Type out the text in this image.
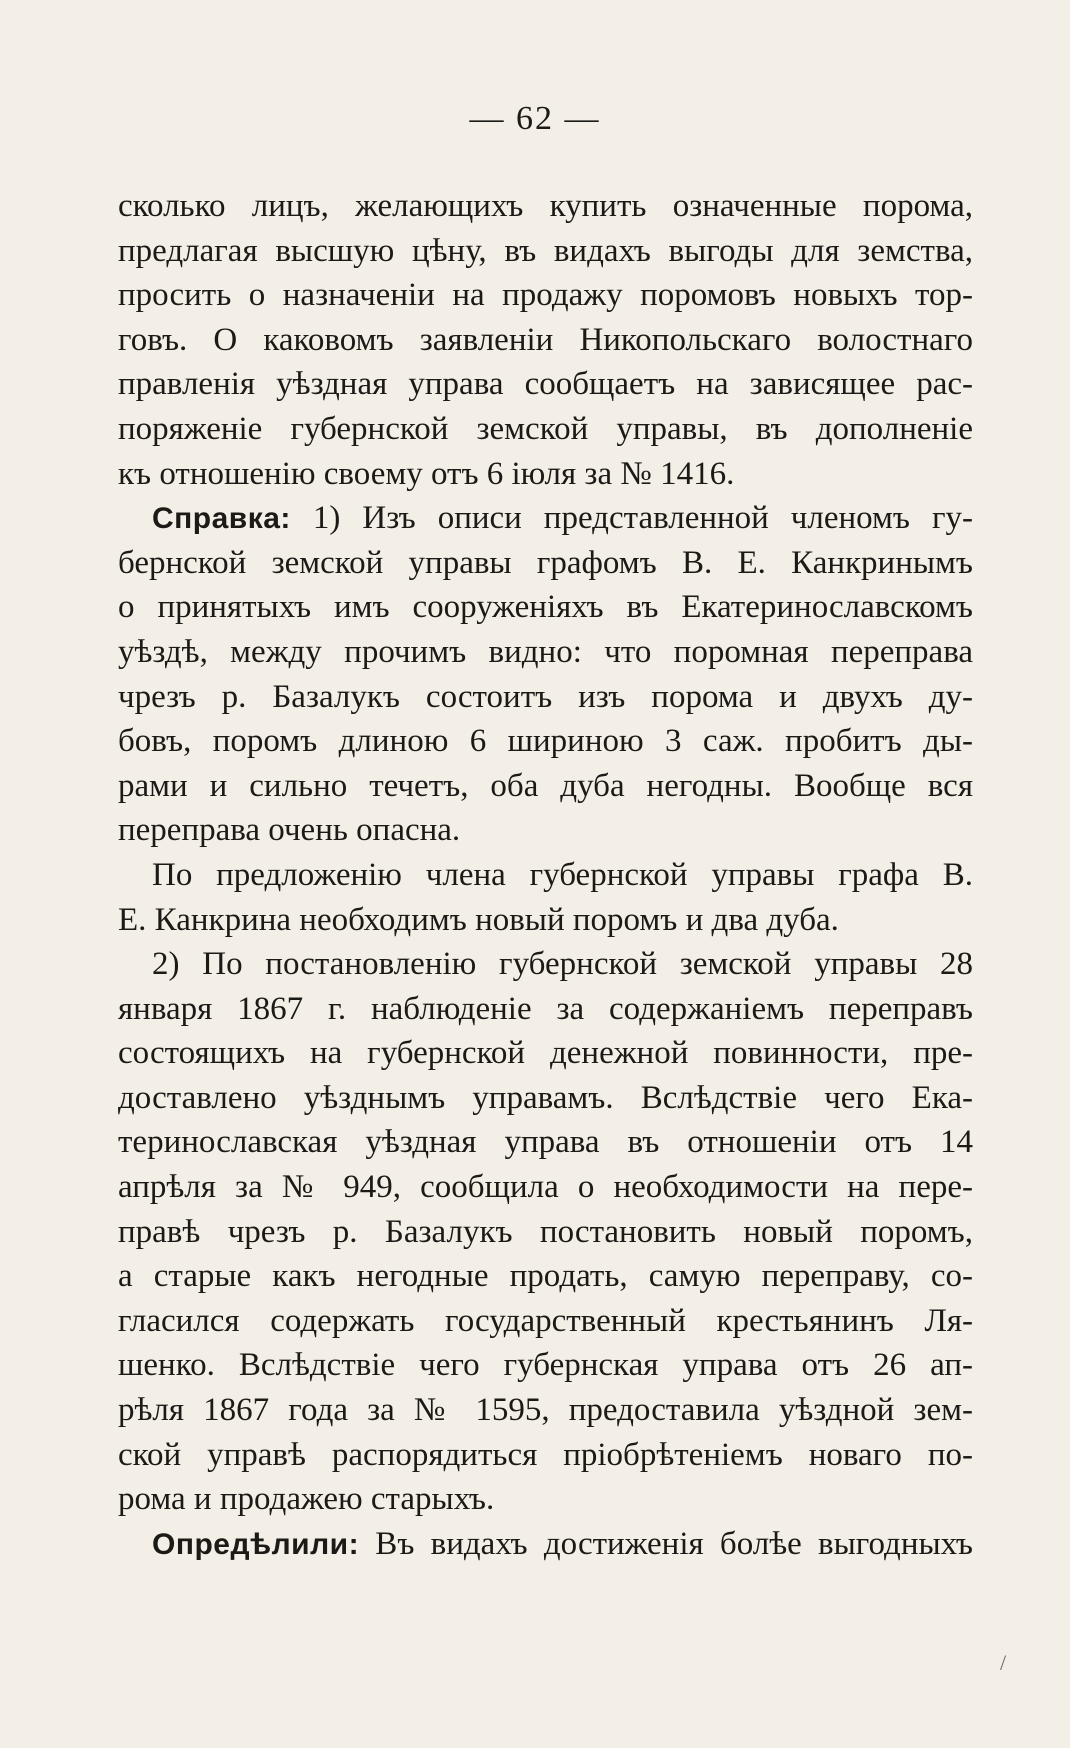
— 62 —
сколько лицъ, желающихъ купить означенные порома,
предлагая высшую цѣну, въ видахъ выгоды для земства,
просить о назначенiи на продажу поромовъ новыхъ тор-
говъ. О каковомъ заявленiи Никопольскаго волостнаго
правленiя уѣздная управа сообщаетъ на зависящее рас-
поряженiе губернской земской управы, въ дополненiе
къ отношенiю своему отъ 6 iюля за № 1416.
Справка: 1) Изъ описи представленной членомъ гу-
бернской земской управы графомъ В. Е. Канкринымъ
о принятыхъ имъ сооруженiяхъ въ Екатеринославскомъ
уѣздѣ, между прочимъ видно: что поромная переправа
чрезъ р. Базалукъ состоитъ изъ порома и двухъ ду-
бовъ, поромъ длиною 6 шириною 3 саж. пробитъ ды-
рами и сильно течетъ, оба дуба негодны. Вообще вся
переправа очень опасна.
По предложенiю члена губернской управы графа В.
Е. Канкрина необходимъ новый поромъ и два дуба.
2) По постановленiю губернской земской управы 28
января 1867 г. наблюденiе за содержанiемъ переправъ
состоящихъ на губернской денежной повинности, пре-
доставлено уѣзднымъ управамъ. Вслѣдствiе чего Ека-
теринославская уѣздная управа въ отношенiи отъ 14
апрѣля за № 949, сообщила о необходимости на пере-
правѣ чрезъ р. Базалукъ постановить новый поромъ,
а старые какъ негодные продать, самую переправу, со-
гласился содержать государственный крестьянинъ Ля-
шенко. Вслѣдствiе чего губернская управа отъ 26 ап-
рѣля 1867 года за № 1595, предоставила уѣздной зем-
ской управѣ распорядиться прiобрѣтенiемъ новаго по-
рома и продажею старыхъ.
Опредѣлили: Въ видахъ достиженiя болѣе выгодныхъ
/
